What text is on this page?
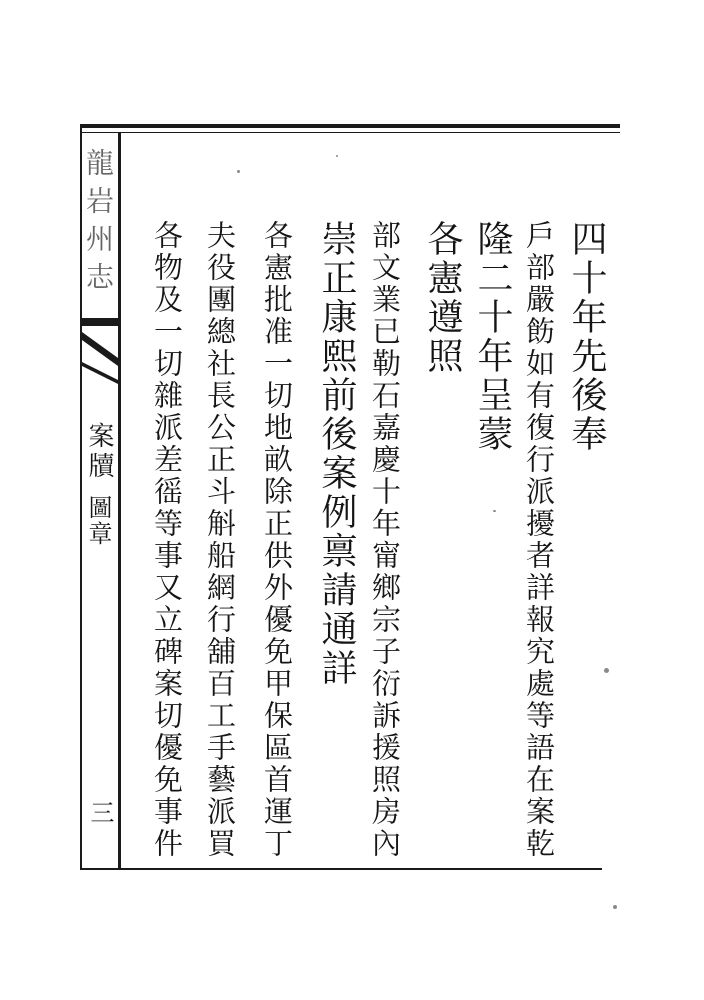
龍岩州志
案牘
圖章
三
四十年先後奉
戶部嚴飭如有復行派擾者詳報究處等語在案乾
隆二十年呈蒙
各憲遵照
部文業已勒石嘉慶十年甯鄉宗子衍訴援照房內
崇正康熙前後案例禀請通詳
各憲批准一切地畝除正供外優免甲保區首運丁
夫役團總社長公正斗斛船網行舖百工手藝派買
各物及一切雜派差徭等事又立碑案切優免事件
